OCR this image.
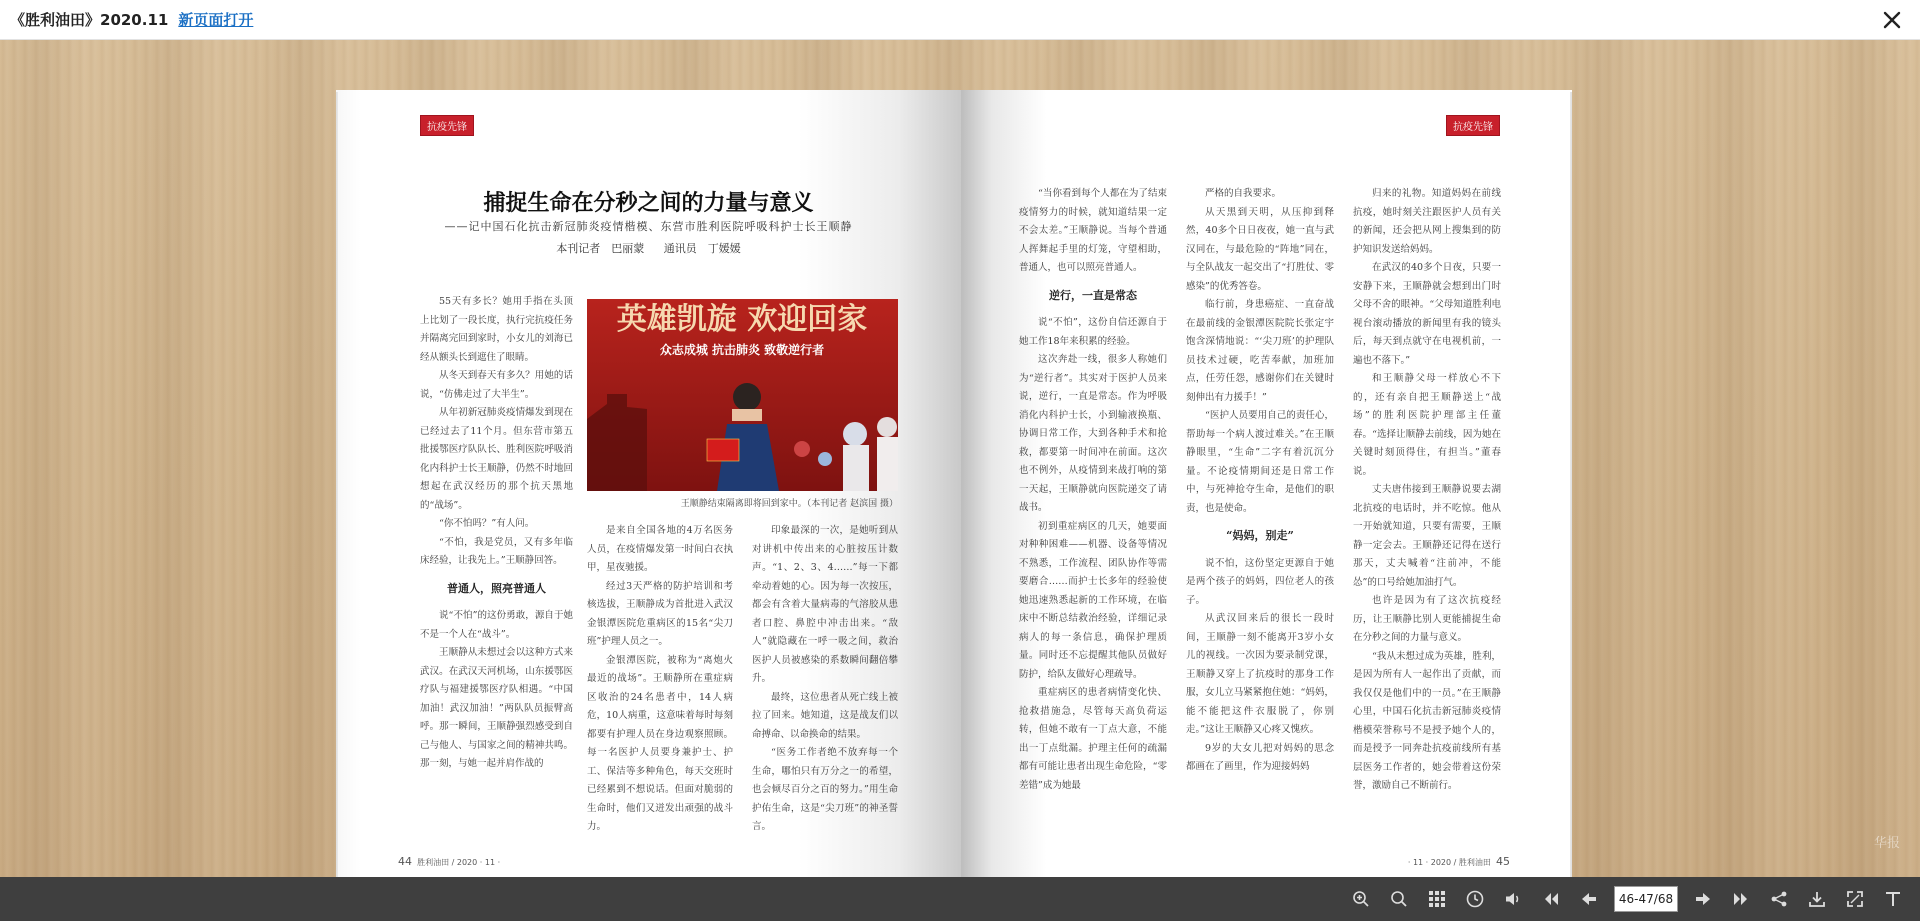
《胜利油田》2020.11 新页面打开
抗疫先锋
捕捉生命在分秒之间的力量与意义
——记中国石化抗击新冠肺炎疫情楷模、东营市胜利医院呼吸科护士长王顺静
本刊记者　巴丽蒙 通讯员　丁媛媛

55天有多长？她用手指在头顶上比划了一段长度，执行完抗疫任务并隔离完回到家时，小女儿的刘海已经从额头长到遮住了眼睛。

从冬天到春天有多久？用她的话说，“仿佛走过了大半生”。

从年初新冠肺炎疫情爆发到现在已经过去了11个月。但东营市第五批援鄂医疗队队长、胜利医院呼吸消化内科护士长王顺静，仍然不时地回想起在武汉经历的那个抗天黑地的“战场”。

“你不怕吗？”有人问。

“不怕，我是党员，又有多年临床经验，让我先上。”王顺静回答。

普通人，照亮普通人

说“不怕”的这份勇敢，源自于她不是一个人在“战斗”。

王顺静从未想过会以这种方式来武汉。在武汉天河机场，山东援鄂医疗队与福建援鄂医疗队相遇。“中国加油！武汉加油！”两队队员振臂高呼。那一瞬间，王顺静强烈感受到自己与他人、与国家之间的精神共鸣。那一刻，与她一起并肩作战的

英雄凯旋 欢迎回家
众志成城 抗击肺炎 致敬逆行者
王顺静结束隔离即将回到家中。（本刊记者 赵滨国 摄）

是来自全国各地的4万名医务人员，在疫情爆发第一时间白衣执甲，星夜驰援。

经过3天严格的防护培训和考核选拔，王顺静成为首批进入武汉金银潭医院危重病区的15名“尖刀班”护理人员之一。

金银潭医院，被称为“离炮火最近的战场”。王顺静所在重症病区收治的24名患者中，14人病危，10人病重，这意味着每时每刻都要有护理人员在身边观察照顾。每一名医护人员要身兼护士、护工、保洁等多种角色，每天交班时已经累到不想说话。但面对脆弱的生命时，他们又迸发出顽强的战斗力。

印象最深的一次，是她听到从对讲机中传出来的心脏按压计数声。“1、2、3、4……”每一下都牵动着她的心。因为每一次按压，都会有含着大量病毒的气溶胶从患者口腔、鼻腔中冲击出来。“敌人”就隐藏在一呼一吸之间，救治医护人员被感染的系数瞬间翻倍攀升。

最终，这位患者从死亡线上被拉了回来。她知道，这是战友们以命搏命、以命换命的结果。

“医务工作者绝不放弃每一个生命，哪怕只有万分之一的希望，也会倾尽百分之百的努力。”用生命护佑生命，这是“尖刀班”的神圣誓言。

44 胜利油田 / 2020 · 11 ·
抗疫先锋

“当你看到每个人都在为了结束疫情努力的时候，就知道结果一定不会太差。”王顺静说。当每个普通人挥舞起手里的灯笼，守望相助，普通人，也可以照亮普通人。

逆行，一直是常态

说“不怕”，这份自信还源自于她工作18年来积累的经验。

这次奔赴一线，很多人称她们为“逆行者”。其实对于医护人员来说，逆行，一直是常态。作为呼吸消化内科护士长，小到输液换瓶、协调日常工作，大到各种手术和抢救，都要第一时间冲在前面。这次也不例外，从疫情到来战打响的第一天起，王顺静就向医院递交了请战书。

初到重症病区的几天，她要面对种种困难——机器、设备等情况不熟悉，工作流程、团队协作等需要磨合……而护士长多年的经验使她迅速熟悉起新的工作环境，在临床中不断总结救治经验，详细记录病人的每一条信息，确保护理质量。同时还不忘提醒其他队员做好防护，给队友做好心理疏导。

重症病区的患者病情变化快、抢救措施急，尽管每天高负荷运转，但她不敢有一丁点大意，不能出一丁点纰漏。护理主任何的疏漏都有可能让患者出现生命危险，“零差错”成为她最

严格的自我要求。

从天黑到天明，从压抑到释然，40多个日日夜夜，她一直与武汉同在，与最危险的“阵地”同在，与全队战友一起交出了“打胜仗、零感染”的优秀答卷。

临行前，身患癌症、一直奋战在最前线的金银潭医院院长张定宇饱含深情地说：“‘尖刀班’的护理队员技术过硬，吃苦奉献，加班加点，任劳任怨，感谢你们在关键时刻伸出有力援手！”

“医护人员要用自己的责任心，帮助每一个病人渡过难关。”在王顺静眼里，“生命”二字有着沉沉分量。不论疫情期间还是日常工作中，与死神抢夺生命，是他们的职责，也是使命。

“妈妈，别走”

说不怕，这份坚定更源自于她是两个孩子的妈妈，四位老人的孩子。

从武汉回来后的很长一段时间，王顺静一刻不能离开3岁小女儿的视线。一次因为要录制党课，王顺静又穿上了抗疫时的那身工作服，女儿立马紧紧抱住她：“妈妈，能不能把这件衣服脱了，你别走。”这让王顺静又心疼又愧疚。

9岁的大女儿把对妈妈的思念都画在了画里，作为迎接妈妈

归来的礼物。知道妈妈在前线抗疫，她时刻关注跟医护人员有关的新闻，还会把从网上搜集到的防护知识发送给妈妈。

在武汉的40多个日夜，只要一安静下来，王顺静就会想到出门时父母不舍的眼神。“父母知道胜利电视台滚动播放的新闻里有我的镜头后，每天到点就守在电视机前，一遍也不落下。”

和王顺静父母一样放心不下的，还有亲自把王顺静送上“战场”的胜利医院护理部主任董春。“选择让顺静去前线，因为她在关键时刻顶得住，有担当。”董春说。

丈夫唐伟接到王顺静说要去湖北抗疫的电话时，并不吃惊。他从一开始就知道，只要有需要，王顺静一定会去。王顺静还记得在送行那天，丈夫喊着“注前冲，不能怂”的口号给她加油打气。

也许是因为有了这次抗疫经历，让王顺静比别人更能捕捉生命在分秒之间的力量与意义。

“我从未想过成为英雄，胜利，是因为所有人一起作出了贡献，而我仅仅是他们中的一员。”在王顺静心里，中国石化抗击新冠肺炎疫情楷模荣誉称号不是授予她个人的，而是授予一同奔赴抗疫前线所有基层医务工作者的，她会带着这份荣誉，激励自己不断前行。

· 11 · 2020 / 胜利油田 45
华报
46-47/68
